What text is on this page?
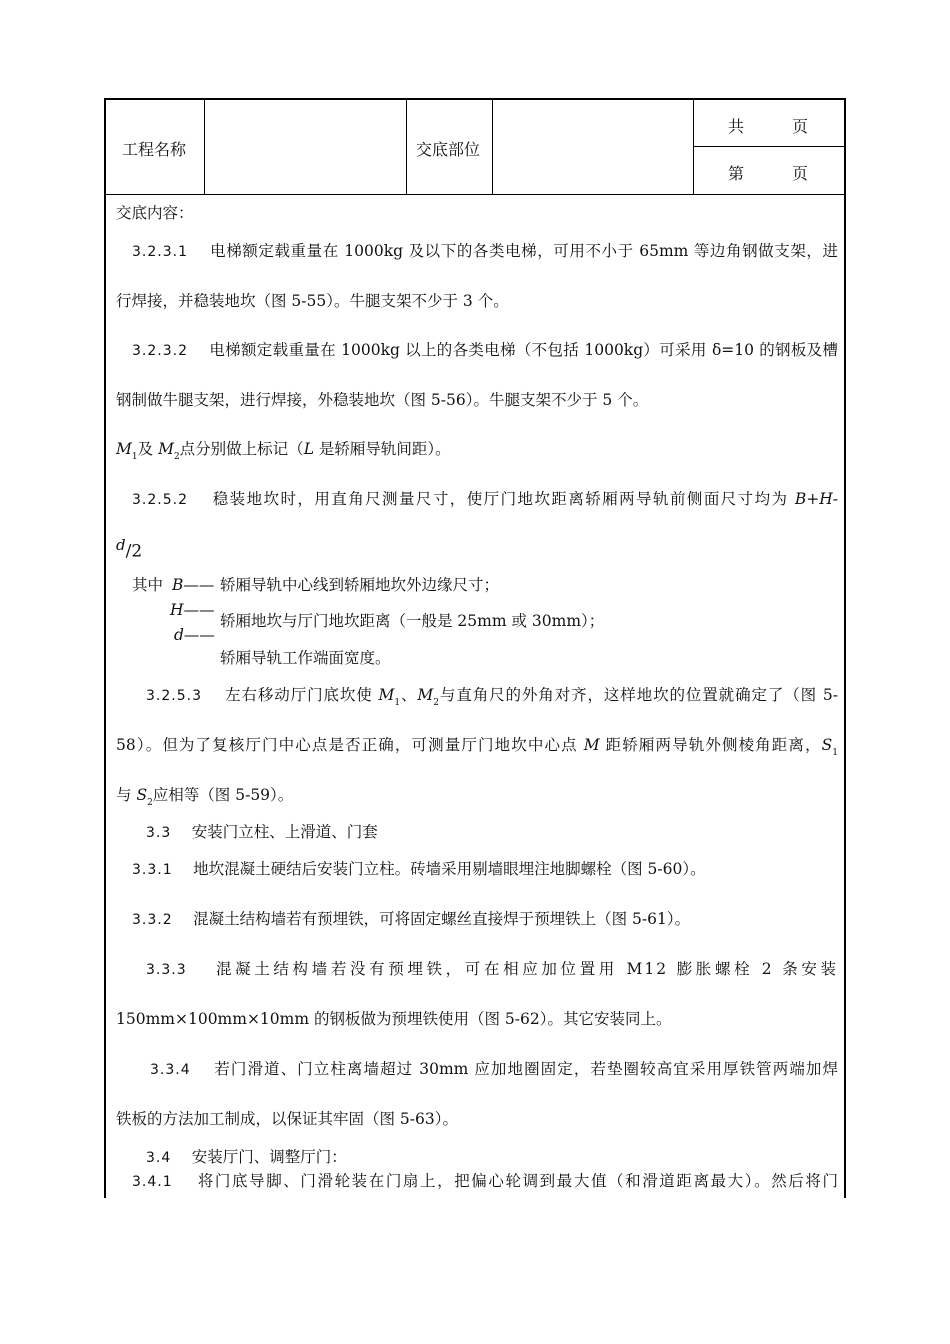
工程名称	交底部位
共　　　页
第　　　页
交底内容：
3.2.3.1　 电梯额定载重量在 1000kg 及以下的各类电梯，可用不小于 65mm 等边角钢做支架，进
行焊接，并稳装地坎（图 5-55）。牛腿支架不少于 3 个。
3.2.3.2　 电梯额定载重量在 1000kg 以上的各类电梯（不包括 1000kg）可采用 δ=10 的钢板及槽
钢制做牛腿支架，进行焊接，外稳装地坎（图 5-56）。牛腿支架不少于 5 个。
$M_1$及 $M_2$点分别做上标记（L 是轿厢导轨间距）。
3.2.5.2　 稳装地坎时，用直角尺测量尺寸，使厅门地坎距离轿厢两导轨前侧面尺寸均为 B+H-
$^d$/2
其中 B——
H——
d——
轿厢导轨中心线到轿厢地坎外边缘尺寸；
轿厢地坎与厅门地坎距离（一般是 25mm 或 30mm）；
轿厢导轨工作端面宽度。
3.2.5.3　 左右移动厅门底坎使 $M_1$、$M_2$与直角尺的外角对齐，这样地坎的位置就确定了（图 5-
58）。但为了复核厅门中心点是否正确，可测量厅门地坎中心点 M 距轿厢两导轨外侧棱角距离，$S_1$
与 $S_2$应相等（图 5-59）。
3.3　 安装门立柱、上滑道、门套
3.3.1　 地坎混凝土硬结后安装门立柱。砖墙采用剔墙眼埋注地脚螺栓（图 5-60）。
3.3.2　 混凝土结构墙若有预埋铁，可将固定螺丝直接焊于预埋铁上（图 5-61）。
3.3.3　 混凝土结构墙若没有预埋铁，可在相应加位置用 M12 膨胀螺栓 2 条安装
150mm×100mm×10mm 的钢板做为预埋铁使用（图 5-62）。其它安装同上。
3.3.4　 若门滑道、门立柱离墙超过 30mm 应加地圈固定，若垫圈较高宜采用厚铁管两端加焊
铁板的方法加工制成，以保证其牢固（图 5-63）。
3.4　 安装厅门、调整厅门：
3.4.1　 将门底导脚、门滑轮装在门扇上，把偏心轮调到最大值（和滑道距离最大）。然后将门
